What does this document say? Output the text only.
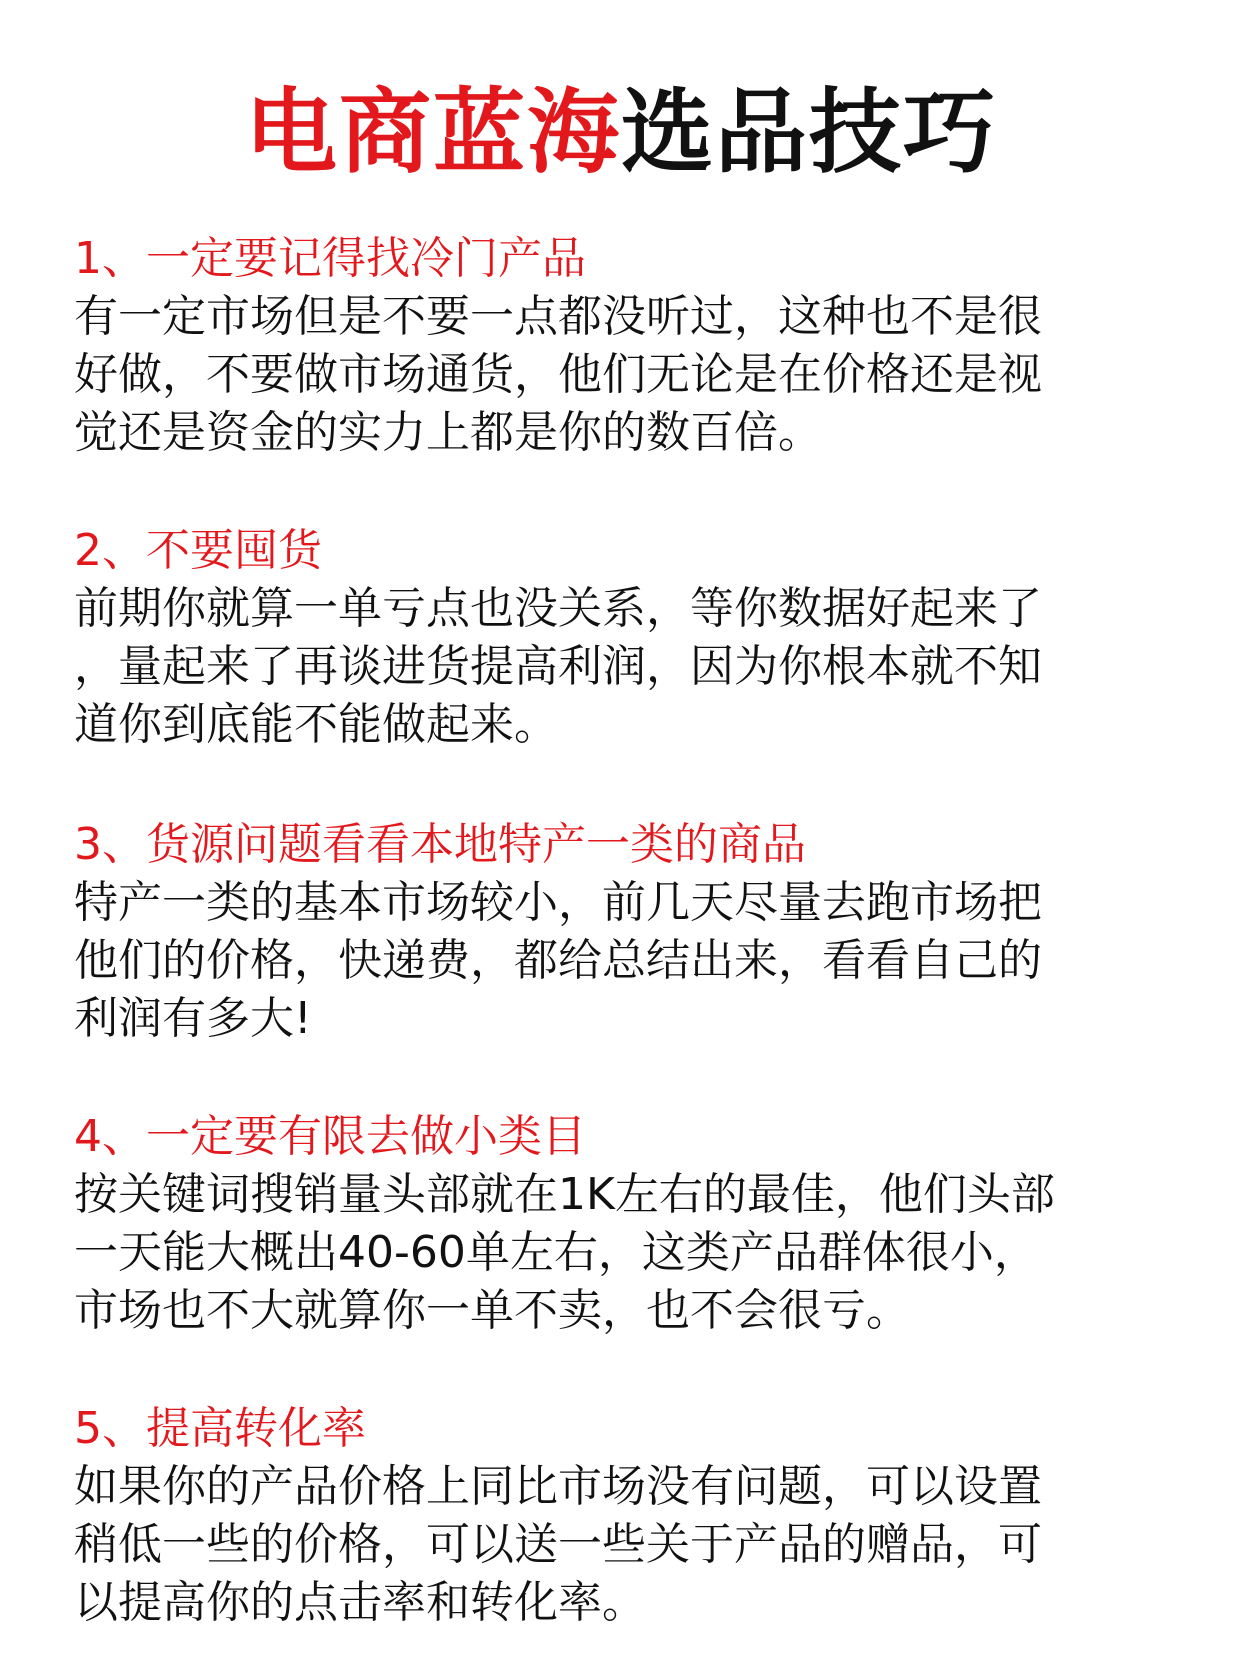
电商蓝海选品技巧

1、一定要记得找冷门产品

有一定市场但是不要一点都没听过，这种也不是很
好做，不要做市场通货，他们无论是在价格还是视
觉还是资金的实力上都是你的数百倍。

2、不要囤货

前期你就算一单亏点也没关系，等你数据好起来了
，量起来了再谈进货提高利润，因为你根本就不知
道你到底能不能做起来。

3、货源问题看看本地特产一类的商品

特产一类的基本市场较小，前几天尽量去跑市场把
他们的价格，快递费，都给总结出来，看看自己的
利润有多大!

4、一定要有限去做小类目

按关键词搜销量头部就在1K左右的最佳，他们头部
一天能大概出40-60单左右，这类产品群体很小，
市场也不大就算你一单不卖，也不会很亏。

5、提高转化率

如果你的产品价格上同比市场没有问题，可以设置
稍低一些的价格，可以送一些关于产品的赠品，可
以提高你的点击率和转化率。
